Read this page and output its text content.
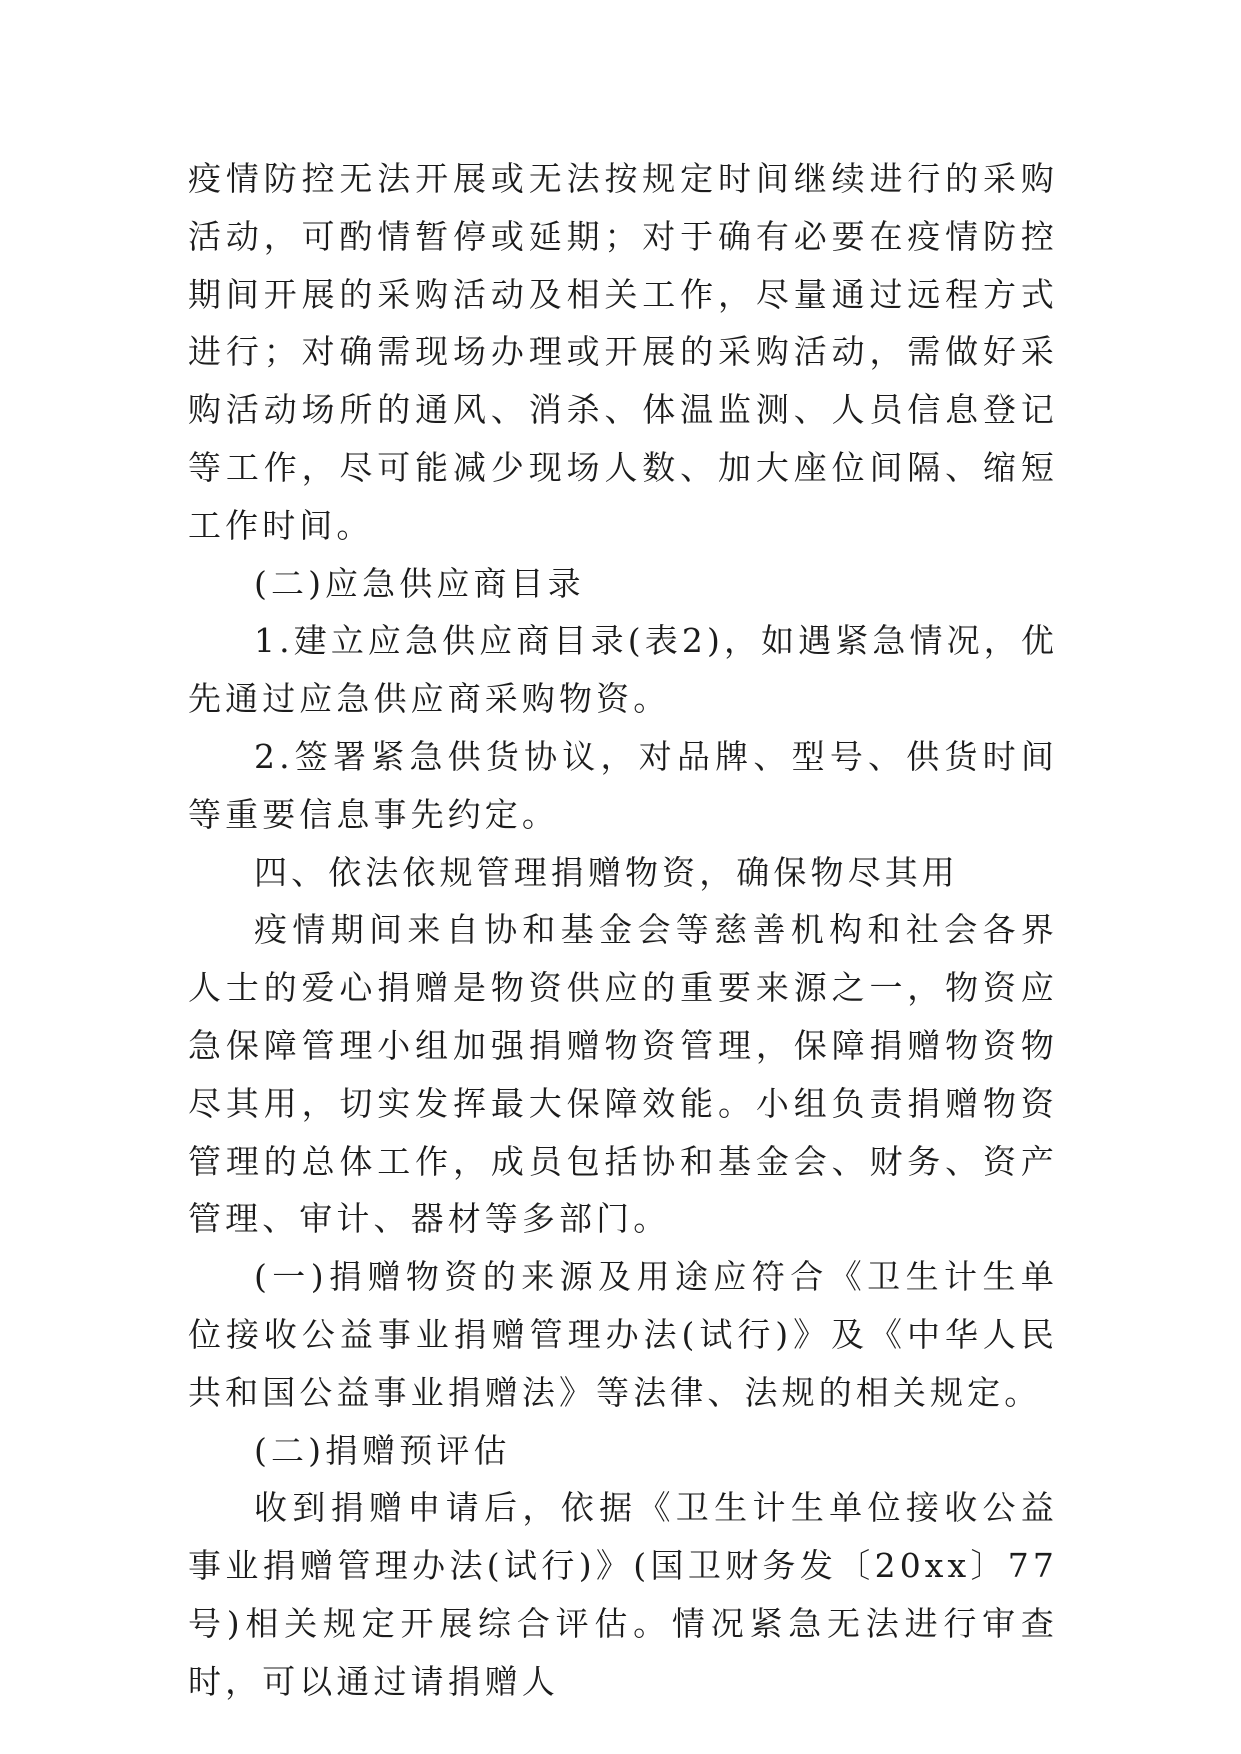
疫情防控无法开展或无法按规定时间继续进行的采购活动，可酌情暂停或延期；对于确有必要在疫情防控期间开展的采购活动及相关工作，尽量通过远程方式进行；对确需现场办理或开展的采购活动，需做好采购活动场所的通风、消杀、体温监测、人员信息登记等工作，尽可能减少现场人数、加大座位间隔、缩短工作时间。

(二)应急供应商目录

1.建立应急供应商目录(表2)，如遇紧急情况，优先通过应急供应商采购物资。

2.签署紧急供货协议，对品牌、型号、供货时间等重要信息事先约定。

四、依法依规管理捐赠物资，确保物尽其用

疫情期间来自协和基金会等慈善机构和社会各界人士的爱心捐赠是物资供应的重要来源之一，物资应急保障管理小组加强捐赠物资管理，保障捐赠物资物尽其用，切实发挥最大保障效能。小组负责捐赠物资管理的总体工作，成员包括协和基金会、财务、资产管理、审计、器材等多部门。

(一)捐赠物资的来源及用途应符合《卫生计生单位接收公益事业捐赠管理办法(试行)》及《中华人民共和国公益事业捐赠法》等法律、法规的相关规定。

(二)捐赠预评估

收到捐赠申请后，依据《卫生计生单位接收公益事业捐赠管理办法(试行)》(国卫财务发〔20xx〕77号)相关规定开展综合评估。情况紧急无法进行审查时，可以通过请捐赠人
